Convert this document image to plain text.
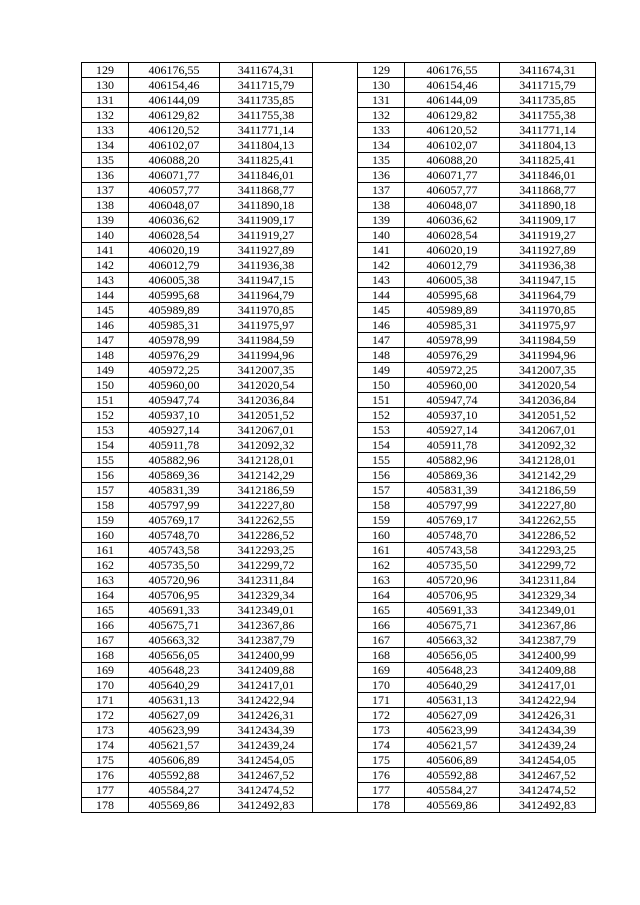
129	406176,55	3411674,31		129	406176,55	3411674,31
130	406154,46	3411715,79		130	406154,46	3411715,79
131	406144,09	3411735,85		131	406144,09	3411735,85
132	406129,82	3411755,38		132	406129,82	3411755,38
133	406120,52	3411771,14		133	406120,52	3411771,14
134	406102,07	3411804,13		134	406102,07	3411804,13
135	406088,20	3411825,41		135	406088,20	3411825,41
136	406071,77	3411846,01		136	406071,77	3411846,01
137	406057,77	3411868,77		137	406057,77	3411868,77
138	406048,07	3411890,18		138	406048,07	3411890,18
139	406036,62	3411909,17		139	406036,62	3411909,17
140	406028,54	3411919,27		140	406028,54	3411919,27
141	406020,19	3411927,89		141	406020,19	3411927,89
142	406012,79	3411936,38		142	406012,79	3411936,38
143	406005,38	3411947,15		143	406005,38	3411947,15
144	405995,68	3411964,79		144	405995,68	3411964,79
145	405989,89	3411970,85		145	405989,89	3411970,85
146	405985,31	3411975,97		146	405985,31	3411975,97
147	405978,99	3411984,59		147	405978,99	3411984,59
148	405976,29	3411994,96		148	405976,29	3411994,96
149	405972,25	3412007,35		149	405972,25	3412007,35
150	405960,00	3412020,54		150	405960,00	3412020,54
151	405947,74	3412036,84		151	405947,74	3412036,84
152	405937,10	3412051,52		152	405937,10	3412051,52
153	405927,14	3412067,01		153	405927,14	3412067,01
154	405911,78	3412092,32		154	405911,78	3412092,32
155	405882,96	3412128,01		155	405882,96	3412128,01
156	405869,36	3412142,29		156	405869,36	3412142,29
157	405831,39	3412186,59		157	405831,39	3412186,59
158	405797,99	3412227,80		158	405797,99	3412227,80
159	405769,17	3412262,55		159	405769,17	3412262,55
160	405748,70	3412286,52		160	405748,70	3412286,52
161	405743,58	3412293,25		161	405743,58	3412293,25
162	405735,50	3412299,72		162	405735,50	3412299,72
163	405720,96	3412311,84		163	405720,96	3412311,84
164	405706,95	3412329,34		164	405706,95	3412329,34
165	405691,33	3412349,01		165	405691,33	3412349,01
166	405675,71	3412367,86		166	405675,71	3412367,86
167	405663,32	3412387,79		167	405663,32	3412387,79
168	405656,05	3412400,99		168	405656,05	3412400,99
169	405648,23	3412409,88		169	405648,23	3412409,88
170	405640,29	3412417,01		170	405640,29	3412417,01
171	405631,13	3412422,94		171	405631,13	3412422,94
172	405627,09	3412426,31		172	405627,09	3412426,31
173	405623,99	3412434,39		173	405623,99	3412434,39
174	405621,57	3412439,24		174	405621,57	3412439,24
175	405606,89	3412454,05		175	405606,89	3412454,05
176	405592,88	3412467,52		176	405592,88	3412467,52
177	405584,27	3412474,52		177	405584,27	3412474,52
178	405569,86	3412492,83		178	405569,86	3412492,83
